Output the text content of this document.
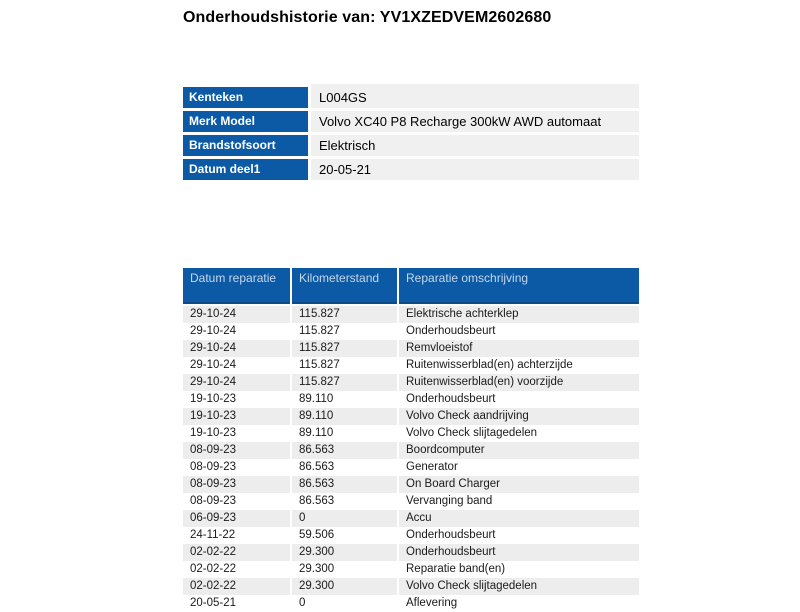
Onderhoudshistorie van: YV1XZEDVEM2602680
Kenteken	L004GS
Merk Model	Volvo XC40 P8 Recharge 300kW AWD automaat
Brandstofsoort	Elektrisch
Datum deel1	20-05-21
Datum reparatie	Kilometerstand	Reparatie omschrijving
29-10-24	115.827	Elektrische achterklep
29-10-24	115.827	Onderhoudsbeurt
29-10-24	115.827	Remvloeistof
29-10-24	115.827	Ruitenwisserblad(en) achterzijde
29-10-24	115.827	Ruitenwisserblad(en) voorzijde
19-10-23	89.110	Onderhoudsbeurt
19-10-23	89.110	Volvo Check aandrijving
19-10-23	89.110	Volvo Check slijtagedelen
08-09-23	86.563	Boordcomputer
08-09-23	86.563	Generator
08-09-23	86.563	On Board Charger
08-09-23	86.563	Vervanging band
06-09-23	0	Accu
24-11-22	59.506	Onderhoudsbeurt
02-02-22	29.300	Onderhoudsbeurt
02-02-22	29.300	Reparatie band(en)
02-02-22	29.300	Volvo Check slijtagedelen
20-05-21	0	Aflevering
